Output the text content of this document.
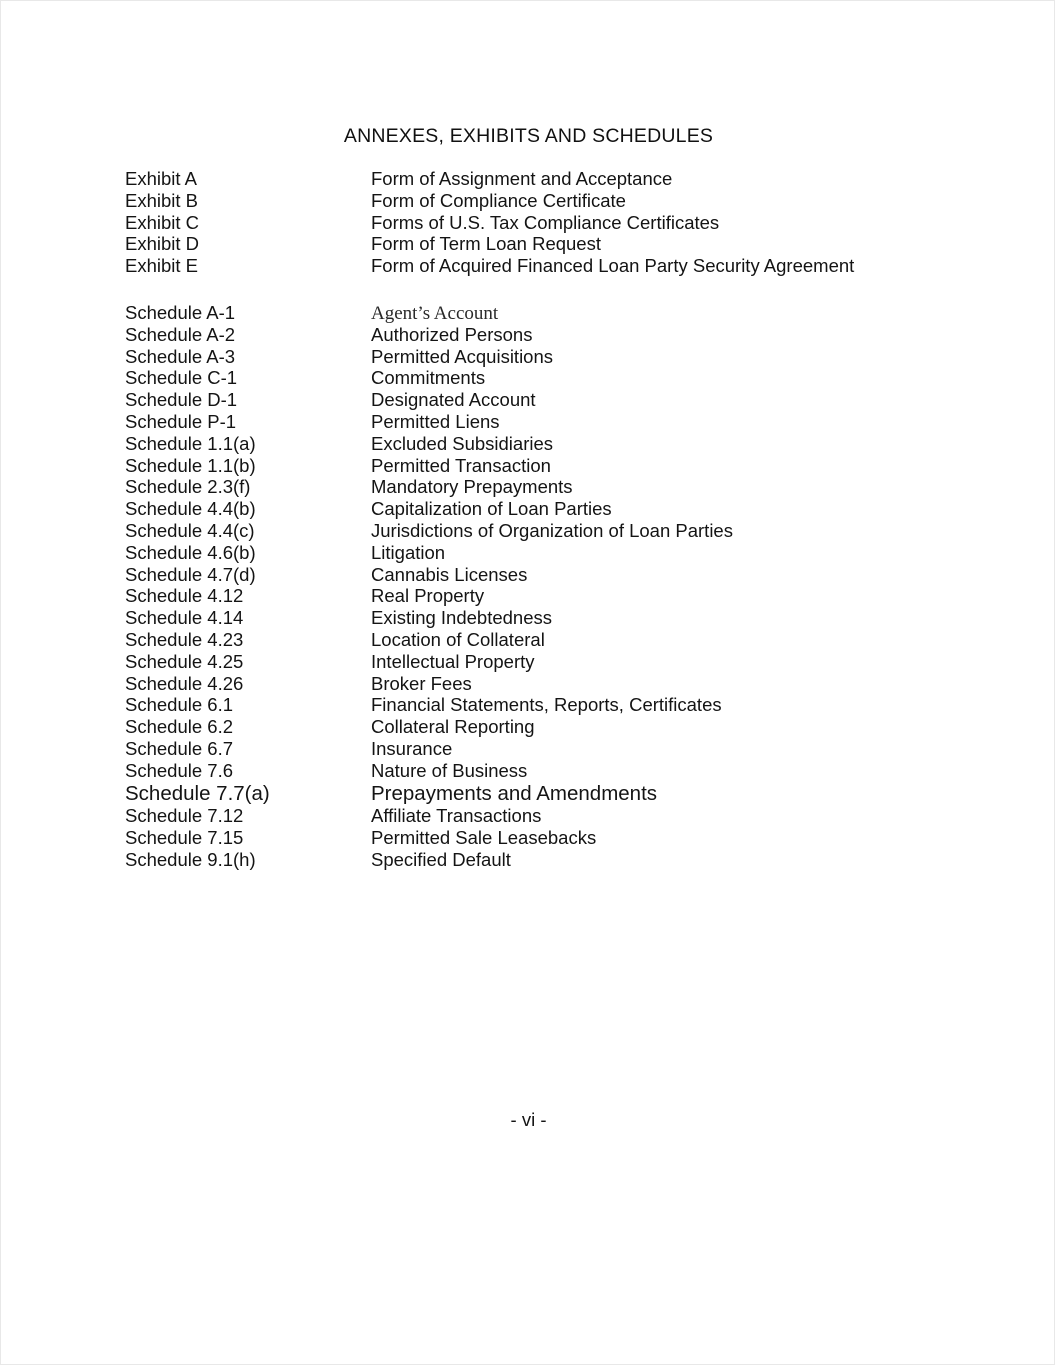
ANNEXES, EXHIBITS AND SCHEDULES
Exhibit A	Form of Assignment and Acceptance
Exhibit B	Form of Compliance Certificate
Exhibit C	Forms of U.S. Tax Compliance Certificates
Exhibit D	Form of Term Loan Request
Exhibit E	Form of Acquired Financed Loan Party Security Agreement
Schedule A-1	Agent’s Account
Schedule A-2	Authorized Persons
Schedule A-3	Permitted Acquisitions
Schedule C-1	Commitments
Schedule D-1	Designated Account
Schedule P-1	Permitted Liens
Schedule 1.1(a)	Excluded Subsidiaries
Schedule 1.1(b)	Permitted Transaction
Schedule 2.3(f)	Mandatory Prepayments
Schedule 4.4(b)	Capitalization of Loan Parties
Schedule 4.4(c)	Jurisdictions of Organization of Loan Parties
Schedule 4.6(b)	Litigation
Schedule 4.7(d)	Cannabis Licenses
Schedule 4.12	Real Property
Schedule 4.14	Existing Indebtedness
Schedule 4.23	Location of Collateral
Schedule 4.25	Intellectual Property
Schedule 4.26	Broker Fees
Schedule 6.1	Financial Statements, Reports, Certificates
Schedule 6.2	Collateral Reporting
Schedule 6.7	Insurance
Schedule 7.6	Nature of Business
Schedule 7.7(a)	Prepayments and Amendments
Schedule 7.12	Affiliate Transactions
Schedule 7.15	Permitted Sale Leasebacks
Schedule 9.1(h)	Specified Default
- vi -
